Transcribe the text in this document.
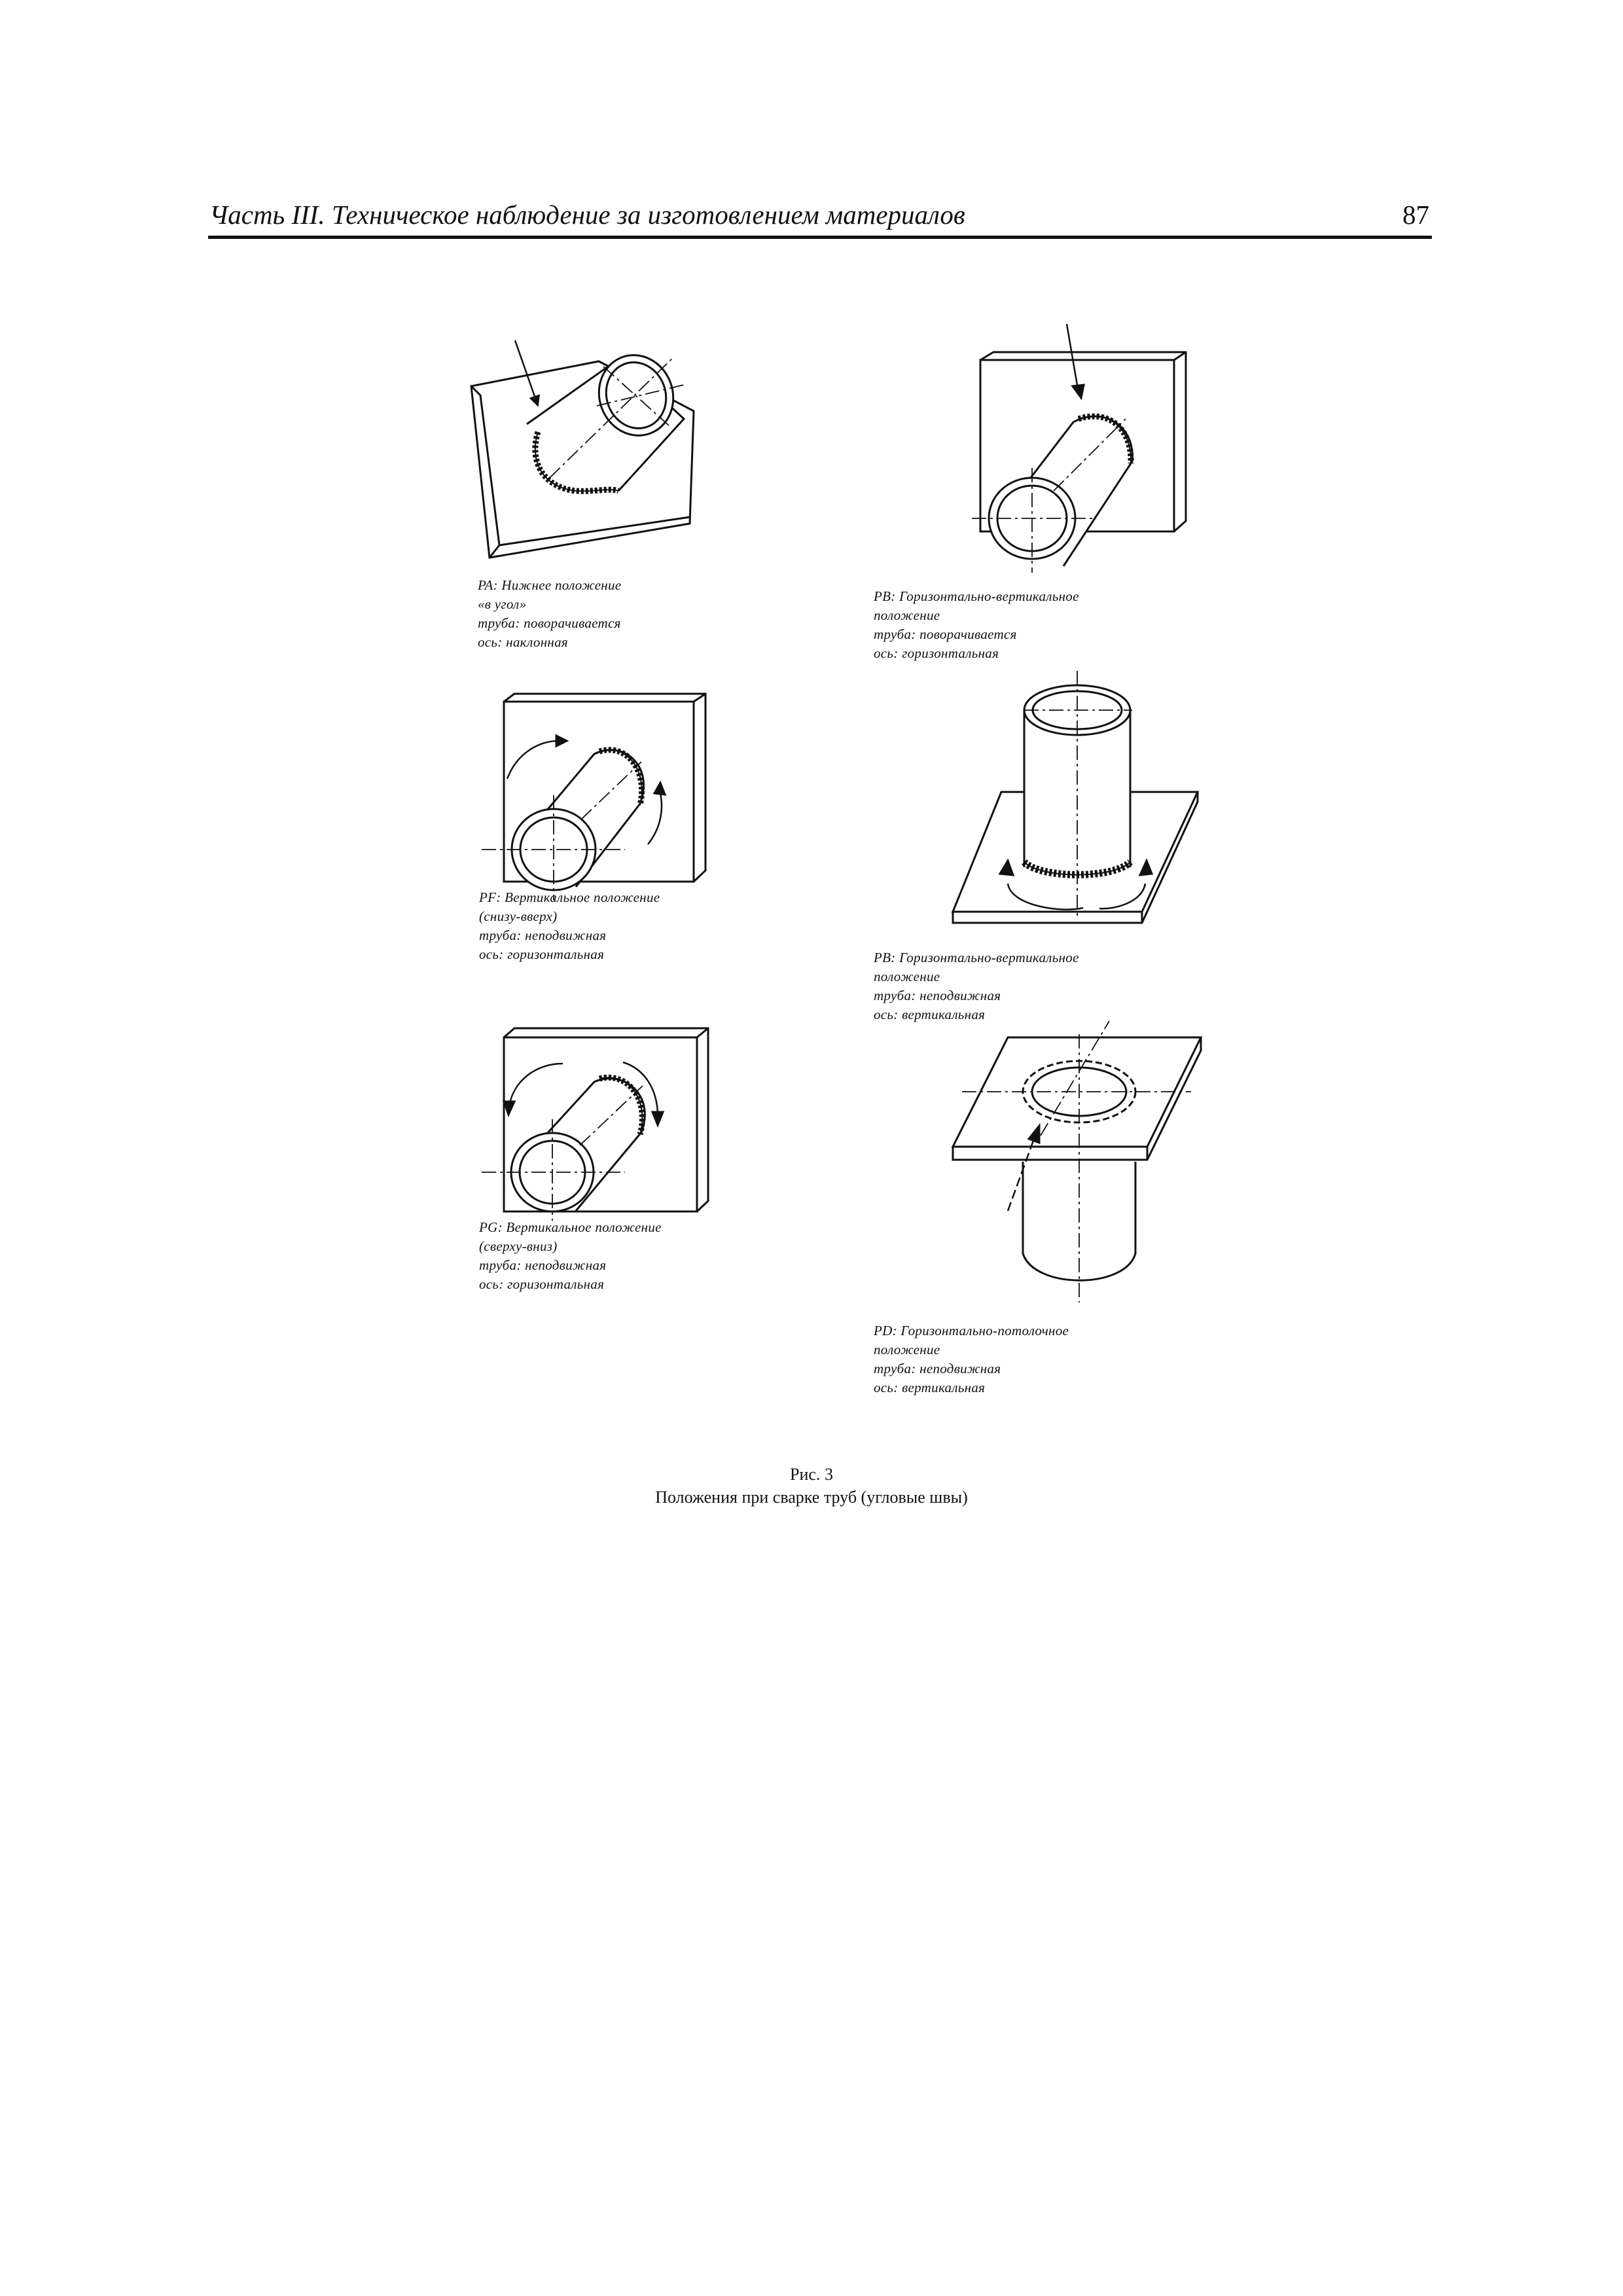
Часть III. Техническое наблюдение за изготовлением материалов	87
PA: Нижнее положение
«в угол»
труба: поворачивается
ось: наклонная
PB: Горизонтально-вертикальное
положение
труба: поворачивается
ось: горизонтальная
PF: Вертикальное положение
(снизу-вверх)
труба: неподвижная
ось: горизонтальная	PB: Горизонтально-вертикальное
положение
труба: неподвижная
ось: вертикальная
PG: Вертикальное положение
(сверху-вниз)
труба: неподвижная
ось: горизонтальная
PD: Горизонтально-потолочное
положение
труба: неподвижная
ось: вертикальная
Рис. 3
Положения при сварке труб (угловые швы)
